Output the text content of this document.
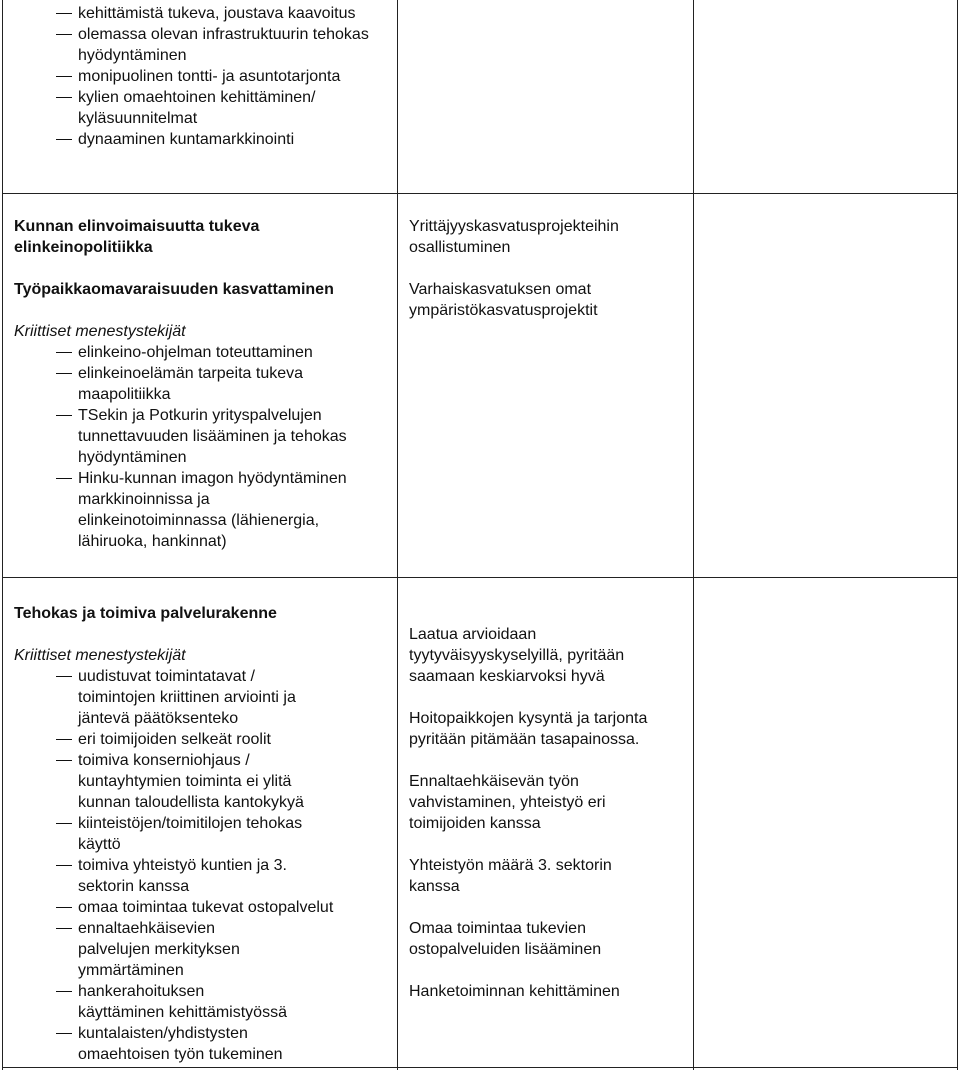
kehittämistä tukeva, joustava kaavoitus
olemassa olevan infrastruktuurin tehokas hyödyntäminen
monipuolinen tontti- ja asuntotarjonta
kylien omaehtoinen kehittäminen/ kyläsuunnitelmat
dynaaminen kuntamarkkinointi

Kunnan elinvoimaisuutta tukeva elinkeinopolitiikka

Työpaikkaomavaraisuuden kasvattaminen

Kriittiset menestystekijät

elinkeino-ohjelman toteuttaminen
elinkeinoelämän tarpeita tukeva maapolitiikka
TSekin ja Potkurin yrityspalvelujen tunnettavuuden lisääminen ja tehokas hyödyntäminen
Hinku-kunnan imagon hyödyntäminen markkinoinnissa ja elinkeinotoiminnassa (lähienergia, lähiruoka, hankinnat)

Yrittäjyyskasvatusprojekteihin osallistuminen

Varhaiskasvatuksen omat ympäristökasvatusprojektit

Tehokas ja toimiva palvelurakenne

Kriittiset menestystekijät

uudistuvat toimintatavat / toimintojen kriittinen arviointi ja jäntevä päätöksenteko
eri toimijoiden selkeät roolit
toimiva konserniohjaus / kuntayhtymien toiminta ei ylitä kunnan taloudellista kantokykyä
kiinteistöjen/toimitilojen tehokas käyttö
toimiva yhteistyö kuntien ja 3. sektorin kanssa
omaa toimintaa tukevat ostopalvelut
ennaltaehkäisevien palvelujen merkityksen ymmärtäminen
hankerahoituksen käyttäminen kehittämistyössä
kuntalaisten/yhdistysten omaehtoisen työn tukeminen

Laatua arvioidaan tyytyväisyyskyselyillä, pyritään saamaan keskiarvoksi hyvä

Hoitopaikkojen kysyntä ja tarjonta pyritään pitämään tasapainossa.

Ennaltaehkäisevän työn vahvistaminen, yhteistyö eri toimijoiden kanssa

Yhteistyön määrä 3. sektorin kanssa

Omaa toimintaa tukevien ostopalveluiden lisääminen

Hanketoiminnan kehittäminen
